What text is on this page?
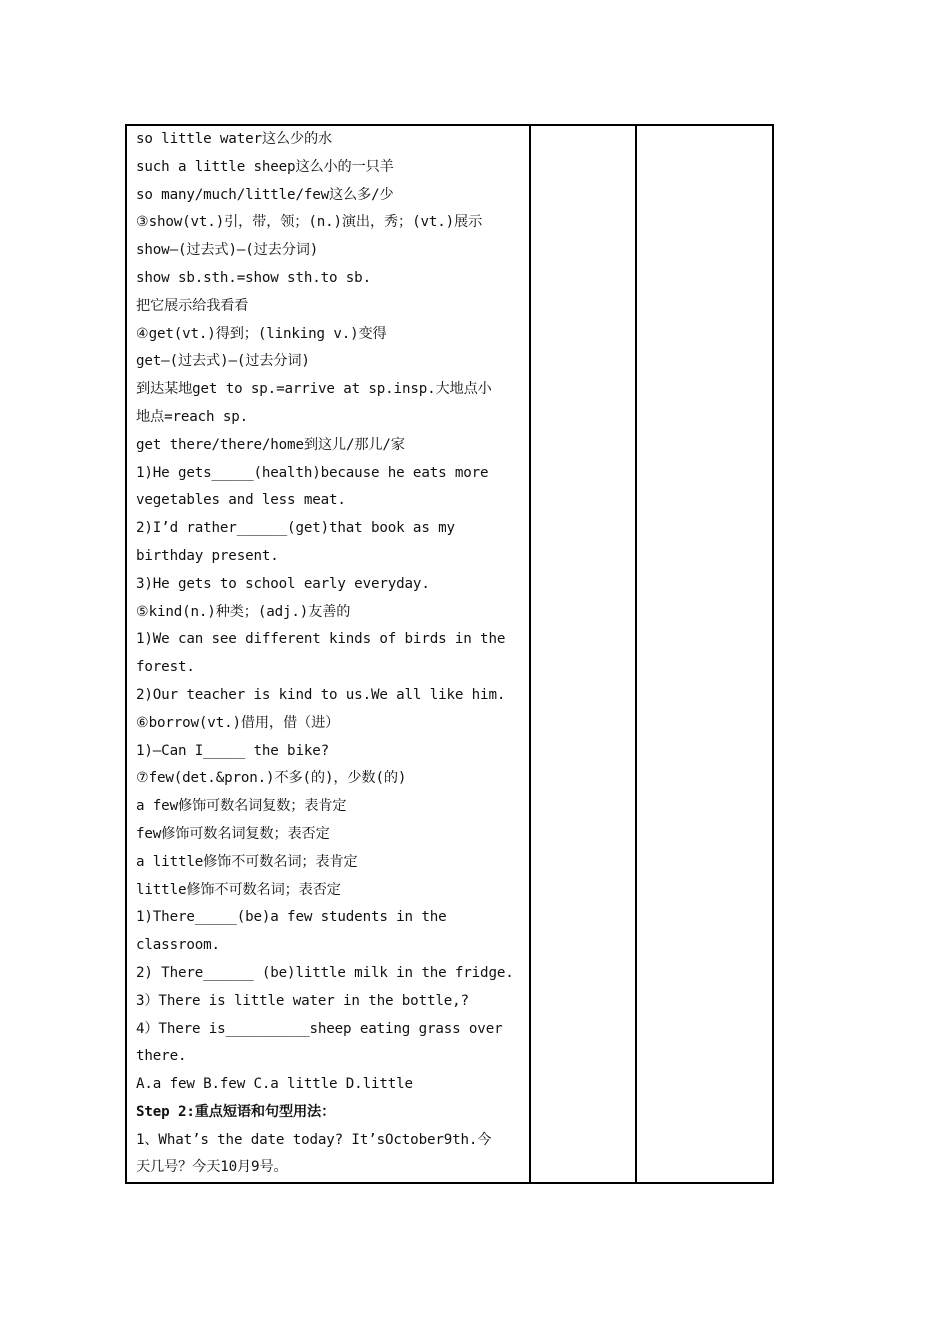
so little water这么少的水
such a little sheep这么小的一只羊
so many/much/little/few这么多/少
③show(vt.)引，带，领；(n.)演出，秀；(vt.)展示
show—(过去式)—(过去分词)
show sb.sth.=show sth.to sb.
把它展示给我看看
④get(vt.)得到；(linking v.)变得
get—(过去式)—(过去分词)
到达某地get to sp.=arrive at sp.insp.大地点小
地点=reach sp.
get there/there/home到这儿/那儿/家
1)He gets_____(health)because he eats more
vegetables and less meat.
2)I’d rather______(get)that book as my
birthday present.
3)He gets to school early everyday.
⑤kind(n.)种类；(adj.)友善的
1)We can see different kinds of birds in the
forest.
2)Our teacher is kind to us.We all like him.
⑥borrow(vt.)借用，借（进）
1)—Can I_____ the bike?
⑦few(det.&pron.)不多(的)，少数(的)
a few修饰可数名词复数；表肯定
few修饰可数名词复数；表否定
a little修饰不可数名词；表肯定
little修饰不可数名词；表否定
1)There_____(be)a few students in the
classroom.
2) There______ (be)little milk in the fridge.
3）There is little water in the bottle,?
4）There is__________sheep eating grass over
there.
A.a few B.few C.a little D.little
Step 2:重点短语和句型用法：
1、What’s the date today? It’sOctober9th.今
天几号？今天10月9号。
